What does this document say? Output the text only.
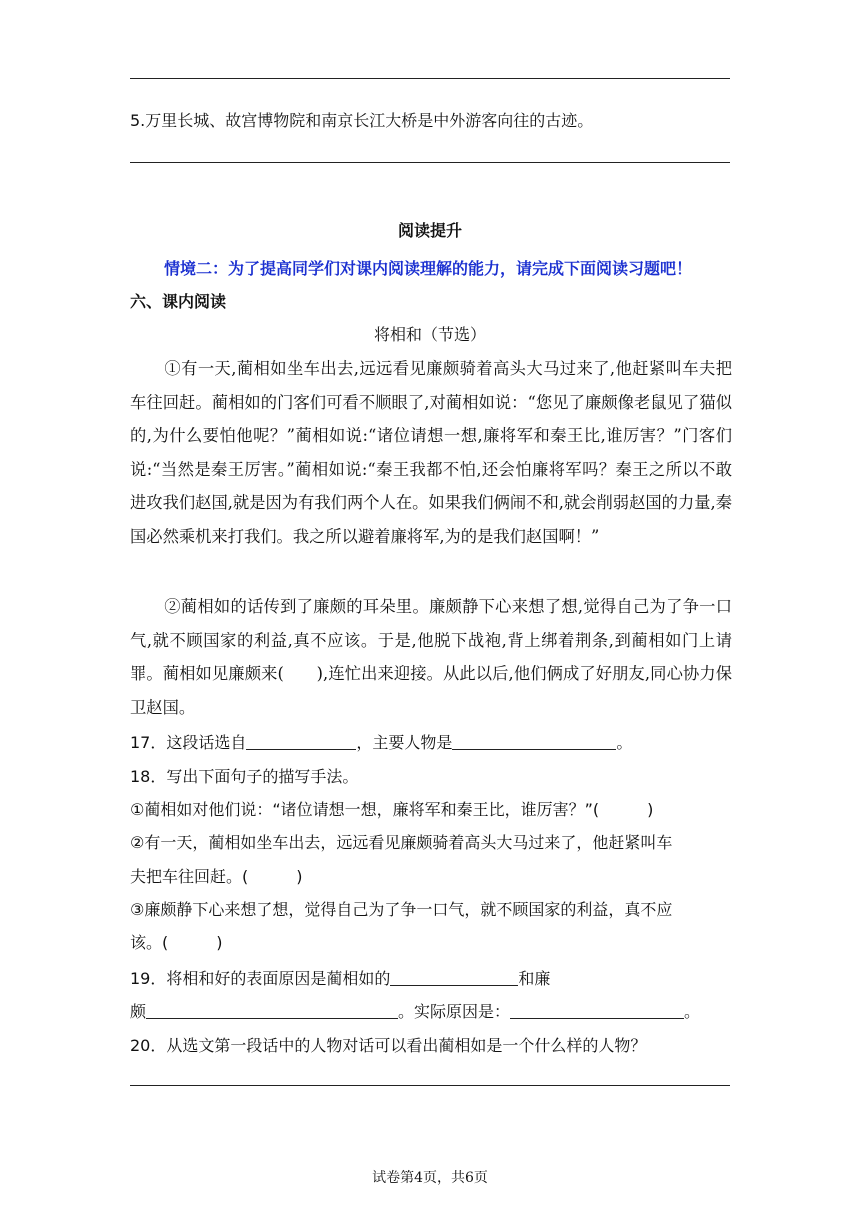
5.万里长城、故宫博物院和南京长江大桥是中外游客向往的古迹。
阅读提升
情境二：为了提高同学们对课内阅读理解的能力，请完成下面阅读习题吧！
六、课内阅读
将相和（节选）
①有一天,蔺相如坐车出去,远远看见廉颇骑着高头大马过来了,他赶紧叫车夫把车往回赶。蔺相如的门客们可看不顺眼了,对蔺相如说：“您见了廉颇像老鼠见了猫似的,为什么要怕他呢？”蔺相如说:“诸位请想一想,廉将军和秦王比,谁厉害？”门客们说:“当然是秦王厉害。”蔺相如说:“秦王我都不怕,还会怕廉将军吗？秦王之所以不敢进攻我们赵国,就是因为有我们两个人在。如果我们俩闹不和,就会削弱赵国的力量,秦国必然乘机来打我们。我之所以避着廉将军,为的是我们赵国啊！”
②蔺相如的话传到了廉颇的耳朵里。廉颇静下心来想了想,觉得自己为了争一口气,就不顾国家的利益,真不应该。于是,他脱下战袍,背上绑着荆条,到蔺相如门上请罪。蔺相如见廉颇来(　　),连忙出来迎接。从此以后,他们俩成了好朋友,同心协力保卫赵国。
17．这段话选自	，主要人物是	。
18．写出下面句子的描写手法。
①蔺相如对他们说：“诸位请想一想，廉将军和秦王比，谁厉害？”(　　　)
②有一天，蔺相如坐车出去，远远看见廉颇骑着高头大马过来了，他赶紧叫车
夫把车往回赶。(　　　)
③廉颇静下心来想了想，觉得自己为了争一口气，就不顾国家的利益，真不应
该。(　　　)
19．将相和好的表面原因是蔺相如的	和廉
颇	。实际原因是：	。
20．从选文第一段话中的人物对话可以看出蔺相如是一个什么样的人物？
试卷第4页，共6页
